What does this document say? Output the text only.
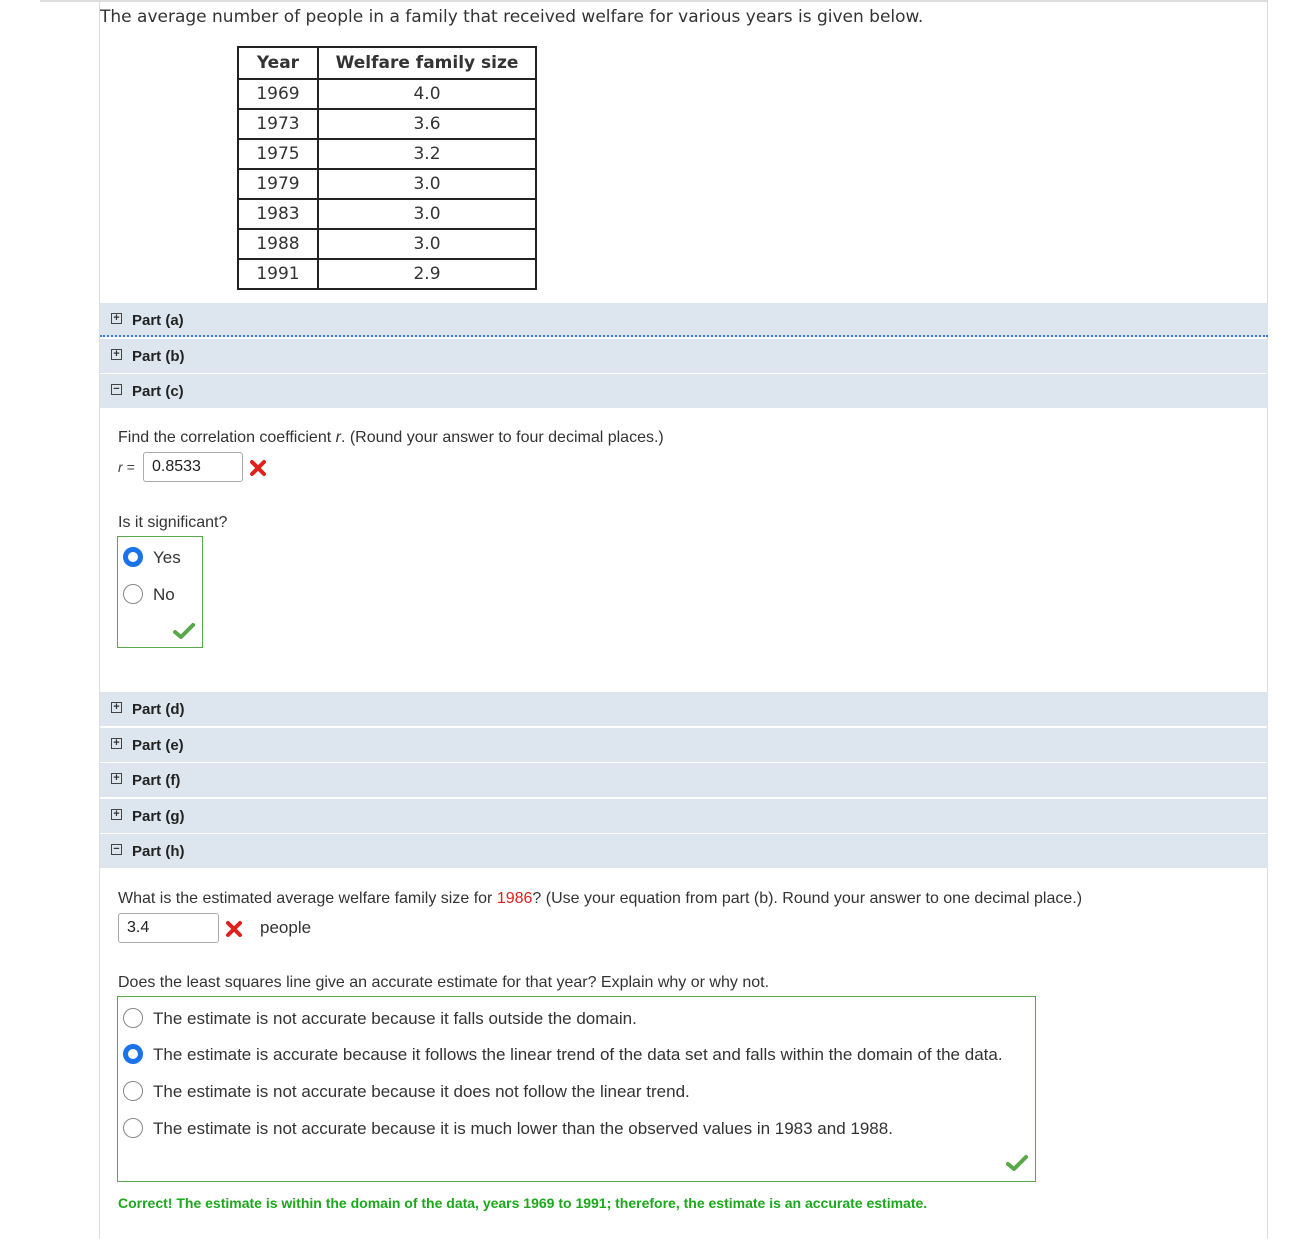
The average number of people in a family that received welfare for various years is given below.
Year	Welfare family size
1969	4.0
1973	3.6
1975	3.2
1979	3.0
1983	3.0
1988	3.0
1991	2.9
+ Part (a)
+ Part (b)
− Part (c)
Find the correlation coefficient r. (Round your answer to four decimal places.)
r =	0.8533
Is it significant?
Yes
No
+ Part (d)
+ Part (e)
+ Part (f)
+ Part (g)
− Part (h)
What is the estimated average welfare family size for 1986? (Use your equation from part (b). Round your answer to one decimal place.)
3.4	people
Does the least squares line give an accurate estimate for that year? Explain why or why not.
The estimate is not accurate because it falls outside the domain.
The estimate is accurate because it follows the linear trend of the data set and falls within the domain of the data.
The estimate is not accurate because it does not follow the linear trend.
The estimate is not accurate because it is much lower than the observed values in 1983 and 1988.
Correct! The estimate is within the domain of the data, years 1969 to 1991; therefore, the estimate is an accurate estimate.
